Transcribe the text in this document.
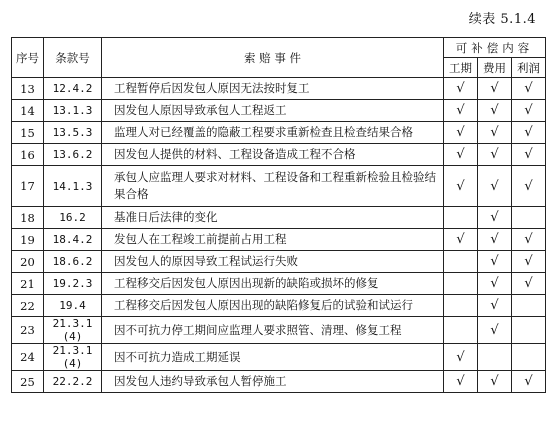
续表 5.1.4
序号	条款号	索 赔 事 件	可补偿内容		
			工期	费用	利润
13	12.4.2	工程暂停后因发包人原因无法按时复工	√	√	√
14	13.1.3	因发包人原因导致承包人工程返工	√	√	√
15	13.5.3	监理人对已经覆盖的隐蔽工程要求重新检查且检查结果合格	√	√	√
16	13.6.2	因发包人提供的材料、工程设备造成工程不合格	√	√	√
17	14.1.3	承包人应监理人要求对材料、工程设备和工程重新检验且检验结果合格	√	√	√
18	16.2	基准日后法律的变化		√	
19	18.4.2	发包人在工程竣工前提前占用工程	√	√	√
20	18.6.2	因发包人的原因导致工程试运行失败		√	√
21	19.2.3	工程移交后因发包人原因出现新的缺陷或损坏的修复		√	√
22	19.4	工程移交后因发包人原因出现的缺陷修复后的试验和试运行		√	
23	21.3.1 (4)	因不可抗力停工期间应监理人要求照管、清理、修复工程		√	
24	21.3.1 (4)	因不可抗力造成工期延误	√		
25	22.2.2	因发包人违约导致承包人暂停施工	√	√	√
